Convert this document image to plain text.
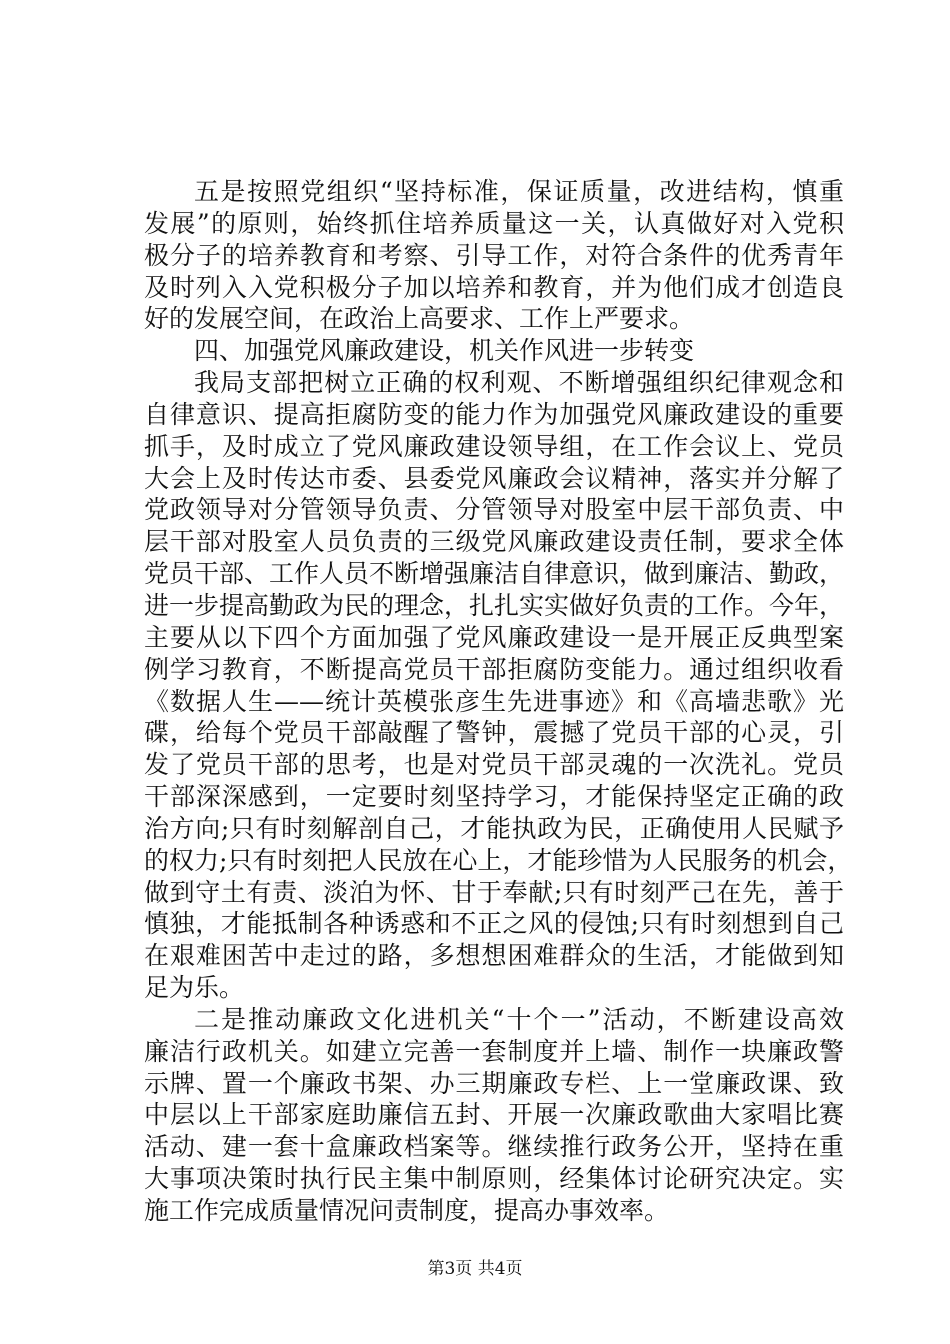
五是按照党组织“坚持标准，保证质量，改进结构，慎重
发展”的原则，始终抓住培养质量这一关，认真做好对入党积
极分子的培养教育和考察、引导工作，对符合条件的优秀青年
及时列入入党积极分子加以培养和教育，并为他们成才创造良
好的发展空间，在政治上高要求、工作上严要求。
四、加强党风廉政建设，机关作风进一步转变
我局支部把树立正确的权利观、不断增强组织纪律观念和
自律意识、提高拒腐防变的能力作为加强党风廉政建设的重要
抓手，及时成立了党风廉政建设领导组，在工作会议上、党员
大会上及时传达市委、县委党风廉政会议精神，落实并分解了
党政领导对分管领导负责、分管领导对股室中层干部负责、中
层干部对股室人员负责的三级党风廉政建设责任制，要求全体
党员干部、工作人员不断增强廉洁自律意识，做到廉洁、勤政，
进一步提高勤政为民的理念，扎扎实实做好负责的工作。今年，
主要从以下四个方面加强了党风廉政建设一是开展正反典型案
例学习教育，不断提高党员干部拒腐防变能力。通过组织收看
《数据人生——统计英模张彦生先进事迹》和《高墙悲歌》光
碟，给每个党员干部敲醒了警钟，震撼了党员干部的心灵，引
发了党员干部的思考，也是对党员干部灵魂的一次洗礼。党员
干部深深感到，一定要时刻坚持学习，才能保持坚定正确的政
治方向;只有时刻解剖自己，才能执政为民，正确使用人民赋予
的权力;只有时刻把人民放在心上，才能珍惜为人民服务的机会，
做到守土有责、淡泊为怀、甘于奉献;只有时刻严己在先，善于
慎独，才能抵制各种诱惑和不正之风的侵蚀;只有时刻想到自己
在艰难困苦中走过的路，多想想困难群众的生活，才能做到知
足为乐。
二是推动廉政文化进机关“十个一”活动，不断建设高效
廉洁行政机关。如建立完善一套制度并上墙、制作一块廉政警
示牌、置一个廉政书架、办三期廉政专栏、上一堂廉政课、致
中层以上干部家庭助廉信五封、开展一次廉政歌曲大家唱比赛
活动、建一套十盒廉政档案等。继续推行政务公开，坚持在重
大事项决策时执行民主集中制原则，经集体讨论研究决定。实
施工作完成质量情况问责制度，提高办事效率。
第3页 共4页
